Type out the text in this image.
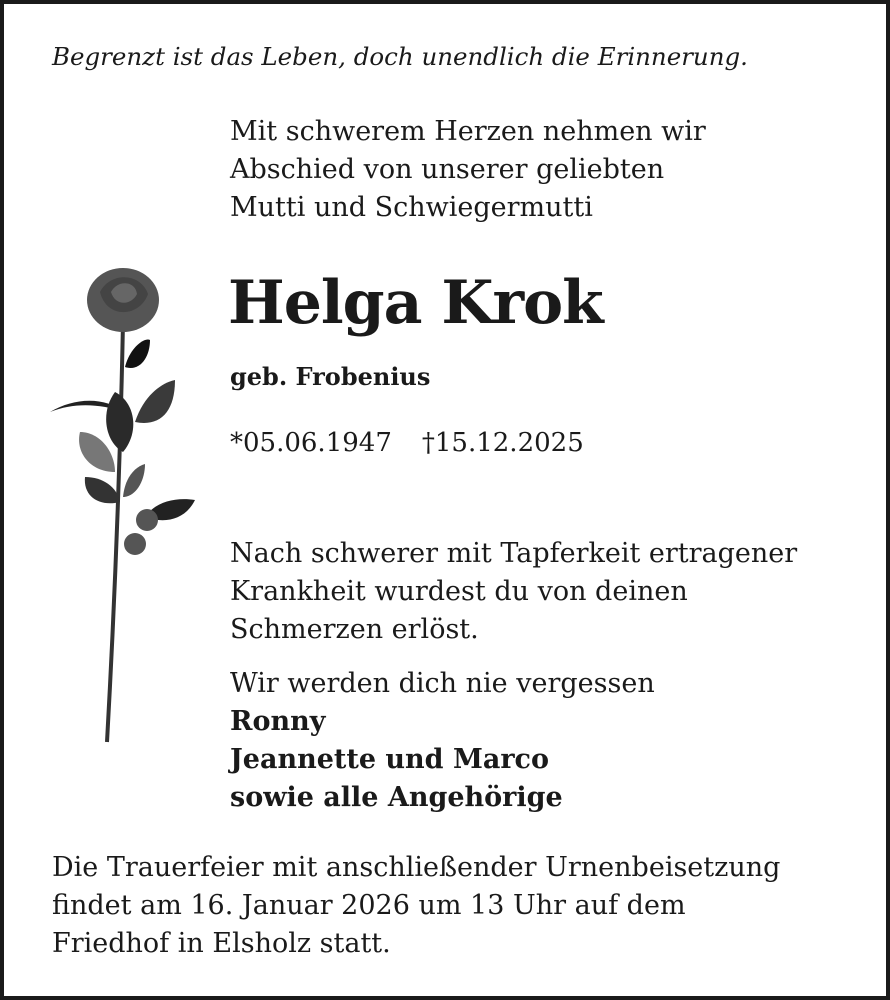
Begrenzt ist das Leben, doch unendlich die Erinnerung.
Mit schwerem Herzen nehmen wir
Abschied von unserer geliebten
Mutti und Schwiegermutti
Helga Krok
geb. Frobenius
*05.06.1947 †15.12.2025
Nach schwerer mit Tapferkeit ertragener
Krankheit wurdest du von deinen
Schmerzen erlöst.
Wir werden dich nie vergessen
Ronny
Jeannette und Marco
sowie alle Angehörige
Die Trauerfeier mit anschließender Urnenbeisetzung
findet am 16. Januar 2026 um 13 Uhr auf dem
Friedhof in Elsholz statt.
